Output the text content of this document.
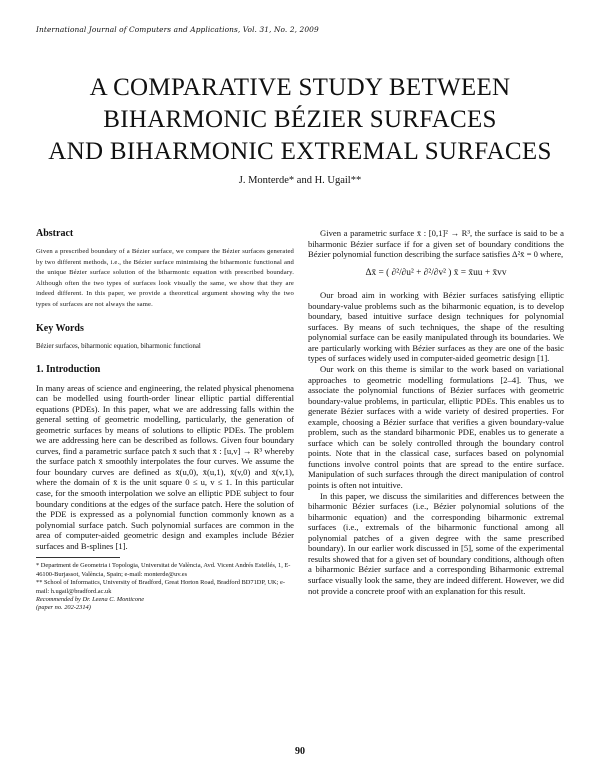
International Journal of Computers and Applications, Vol. 31, No. 2, 2009
A COMPARATIVE STUDY BETWEEN
BIHARMONIC BÉZIER SURFACES
AND BIHARMONIC EXTREMAL SURFACES
J. Monterde* and H. Ugail**
Abstract
Given a prescribed boundary of a Bézier surface, we compare the Bézier surfaces generated by two different methods, i.e., the Bézier surface minimising the biharmonic functional and the unique Bézier surface solution of the biharmonic equation with prescribed boundary. Although often the two types of surfaces look visually the same, we show that they are indeed different. In this paper, we provide a theoretical argument showing why the two types of surfaces are not always the same.
Key Words
Bézier surfaces, biharmonic equation, biharmonic functional
1. Introduction

In many areas of science and engineering, the related physical phenomena can be modelled using fourth-order linear elliptic partial differential equations (PDEs). In this paper, what we are addressing falls within the general setting of geometric modelling, particularly, the generation of geometric surfaces by means of solutions to elliptic PDEs. The problem we are addressing here can be described as follows. Given four boundary curves, find a parametric surface patch x̄ such that x̄ : [u,v] → R³ whereby the surface patch x̄ smoothly interpolates the four curves. We assume the four boundary curves are defined as x̄(u,0), x̄(u,1), x̄(v,0) and x̄(v,1), where the domain of x̄ is the unit square 0 ≤ u, v ≤ 1. In this particular case, for the smooth interpolation we solve an elliptic PDE subject to four boundary conditions at the edges of the surface patch. Here the solution of the PDE is expressed as a polynomial function commonly known as a polynomial surface patch. Such polynomial surfaces are common in the area of computer-aided geometric design and examples include Bézier surfaces and B-splines [1].

* Department de Geometria i Topologia, Universitat de València, Avd. Vicent Andrés Estellés, 1, E-46100-Burjassot, València, Spain; e-mail: monterde@uv.es
** School of Informatics, University of Bradford, Great Horton Road, Bradford BD71DP, UK; e-mail: h.ugail@bradford.ac.uk
Recommended by Dr. Leena C. Monticone
(paper no. 202-2314)

Given a parametric surface x̄ : [0,1]² → R³, the surface is said to be a biharmonic Bézier surface if for a given set of boundary conditions the Bézier polynomial function describing the surface satisfies Δ²x̄ = 0 where,

Δx̄ = ( ∂²/∂u² + ∂²/∂v² ) x̄ = x̄uu + x̄vv

Our broad aim in working with Bézier surfaces satisfying elliptic boundary-value problems such as the biharmonic equation, is to develop boundary, based intuitive surface design techniques for polynomial surfaces. By means of such techniques, the shape of the resulting polynomial surface can be easily manipulated through its boundaries. We are particularly working with Bézier surfaces as they are one of the basic types of surfaces widely used in computer-aided geometric design [1].

Our work on this theme is similar to the work based on variational approaches to geometric modelling formulations [2–4]. Thus, we associate the polynomial functions of Bézier surfaces with geometric boundary-value problems, in particular, elliptic PDEs. This enables us to generate Bézier surfaces with a wide variety of desired properties. For example, choosing a Bézier surface that verifies a given boundary-value problem, such as the standard biharmonic PDE, enables us to generate a surface which can be solely controlled through the boundary control points. Note that in the classical case, surfaces based on polynomial functions involve control points that are spread to the entire surface. Manipulation of such surfaces through the direct manipulation of control points is often not intuitive.

In this paper, we discuss the similarities and differences between the biharmonic Bézier surfaces (i.e., Bézier polynomial solutions of the biharmonic equation) and the corresponding biharmonic extremal surfaces (i.e., extremals of the biharmonic functional among all polynomial patches of a given degree with the same prescribed boundary). In our earlier work discussed in [5], some of the experimental results showed that for a given set of boundary conditions, although often a biharmonic Bézier surface and a corresponding Biharmonic extremal surface visually look the same, they are indeed different. However, we did not provide a concrete proof with an explanation for this result.

90
